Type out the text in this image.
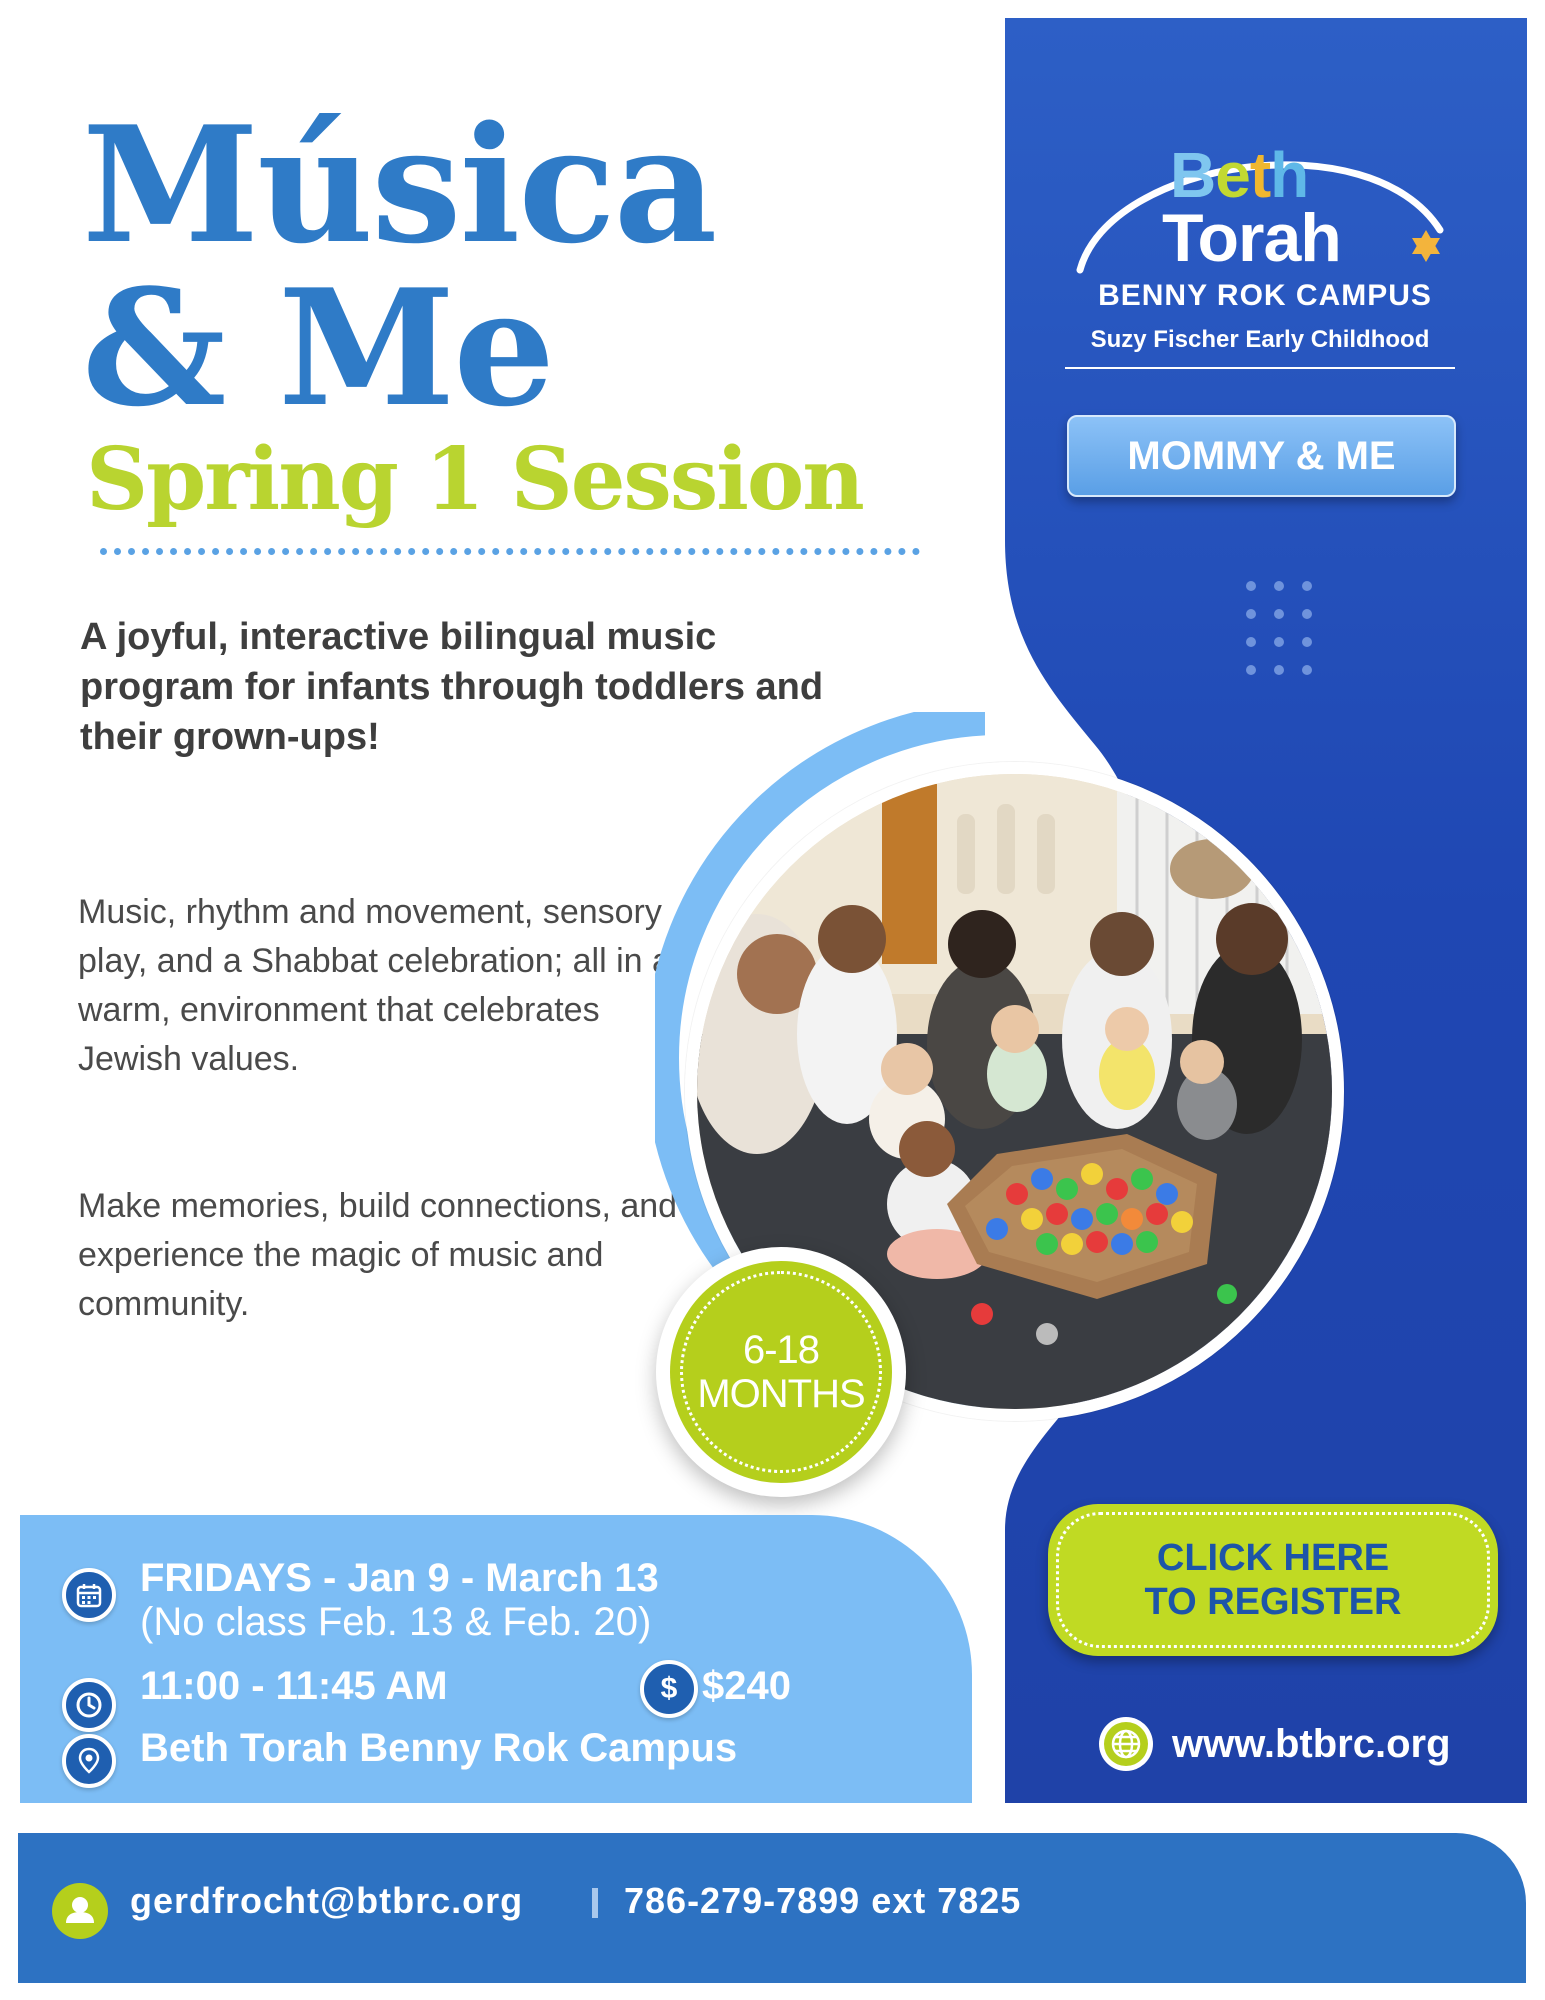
Música
& Me
Spring 1 Session
A joyful, interactive bilingual music program for infants through toddlers and their grown-ups!
Music, rhythm and movement, sensory play, and a Shabbat celebration; all in a warm, environment that celebrates Jewish values.
Make memories, build connections, and experience the magic of music and community.
6-18
MONTHS
Beth
Torah
BENNY ROK CAMPUS
Suzy Fischer Early Childhood
MOMMY & ME
FRIDAYS - Jan 9 - March 13
(No class Feb. 13 & Feb. 20)
11:00 - 11:45 AM	$ $240
Beth Torah Benny Rok Campus
CLICK HERE
TO REGISTER
www.btbrc.org
gerdfrocht@btbrc.org	786-279-7899 ext 7825
